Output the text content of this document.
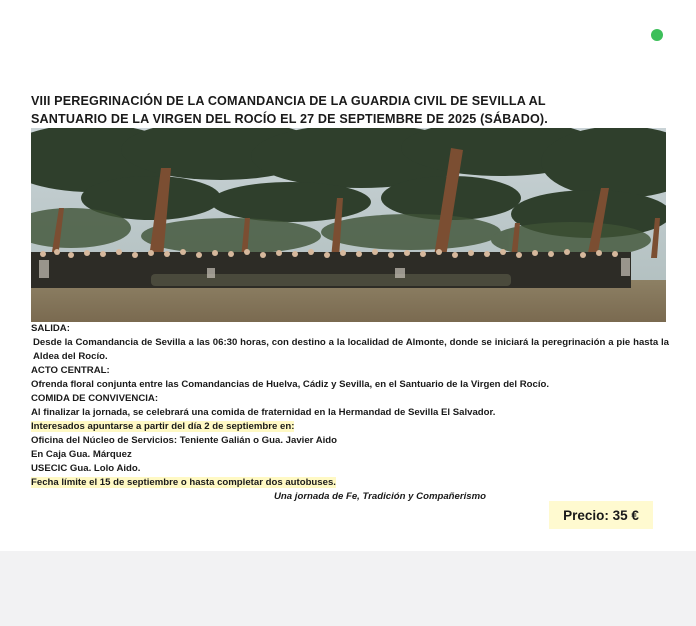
VIII PEREGRINACIÓN DE LA COMANDANCIA DE LA GUARDIA CIVIL DE SEVILLA AL
SANTUARIO DE LA VIRGEN DEL ROCÍO EL 27 DE SEPTIEMBRE DE 2025 (SÁBADO).
SALIDA:
Desde la Comandancia de Sevilla a las 06:30 horas, con destino a la localidad de Almonte, donde se iniciará la peregrinación a pie hasta la Aldea del Rocío.
ACTO CENTRAL:
Ofrenda floral conjunta entre las Comandancias de Huelva, Cádiz y Sevilla, en el Santuario de la Virgen del Rocío.
COMIDA DE CONVIVENCIA:
Al finalizar la jornada, se celebrará una comida de fraternidad en la Hermandad de Sevilla El Salvador.
Interesados apuntarse a partir del día 2 de septiembre en:
Oficina del Núcleo de Servicios: Teniente Galián o Gua. Javier Aido
En Caja Gua. Márquez
USECIC Gua. Lolo Aido.
Fecha límite el 15 de septiembre o hasta completar dos autobuses.
Una jornada de Fe, Tradición y Compañerismo
Precio: 35 €
